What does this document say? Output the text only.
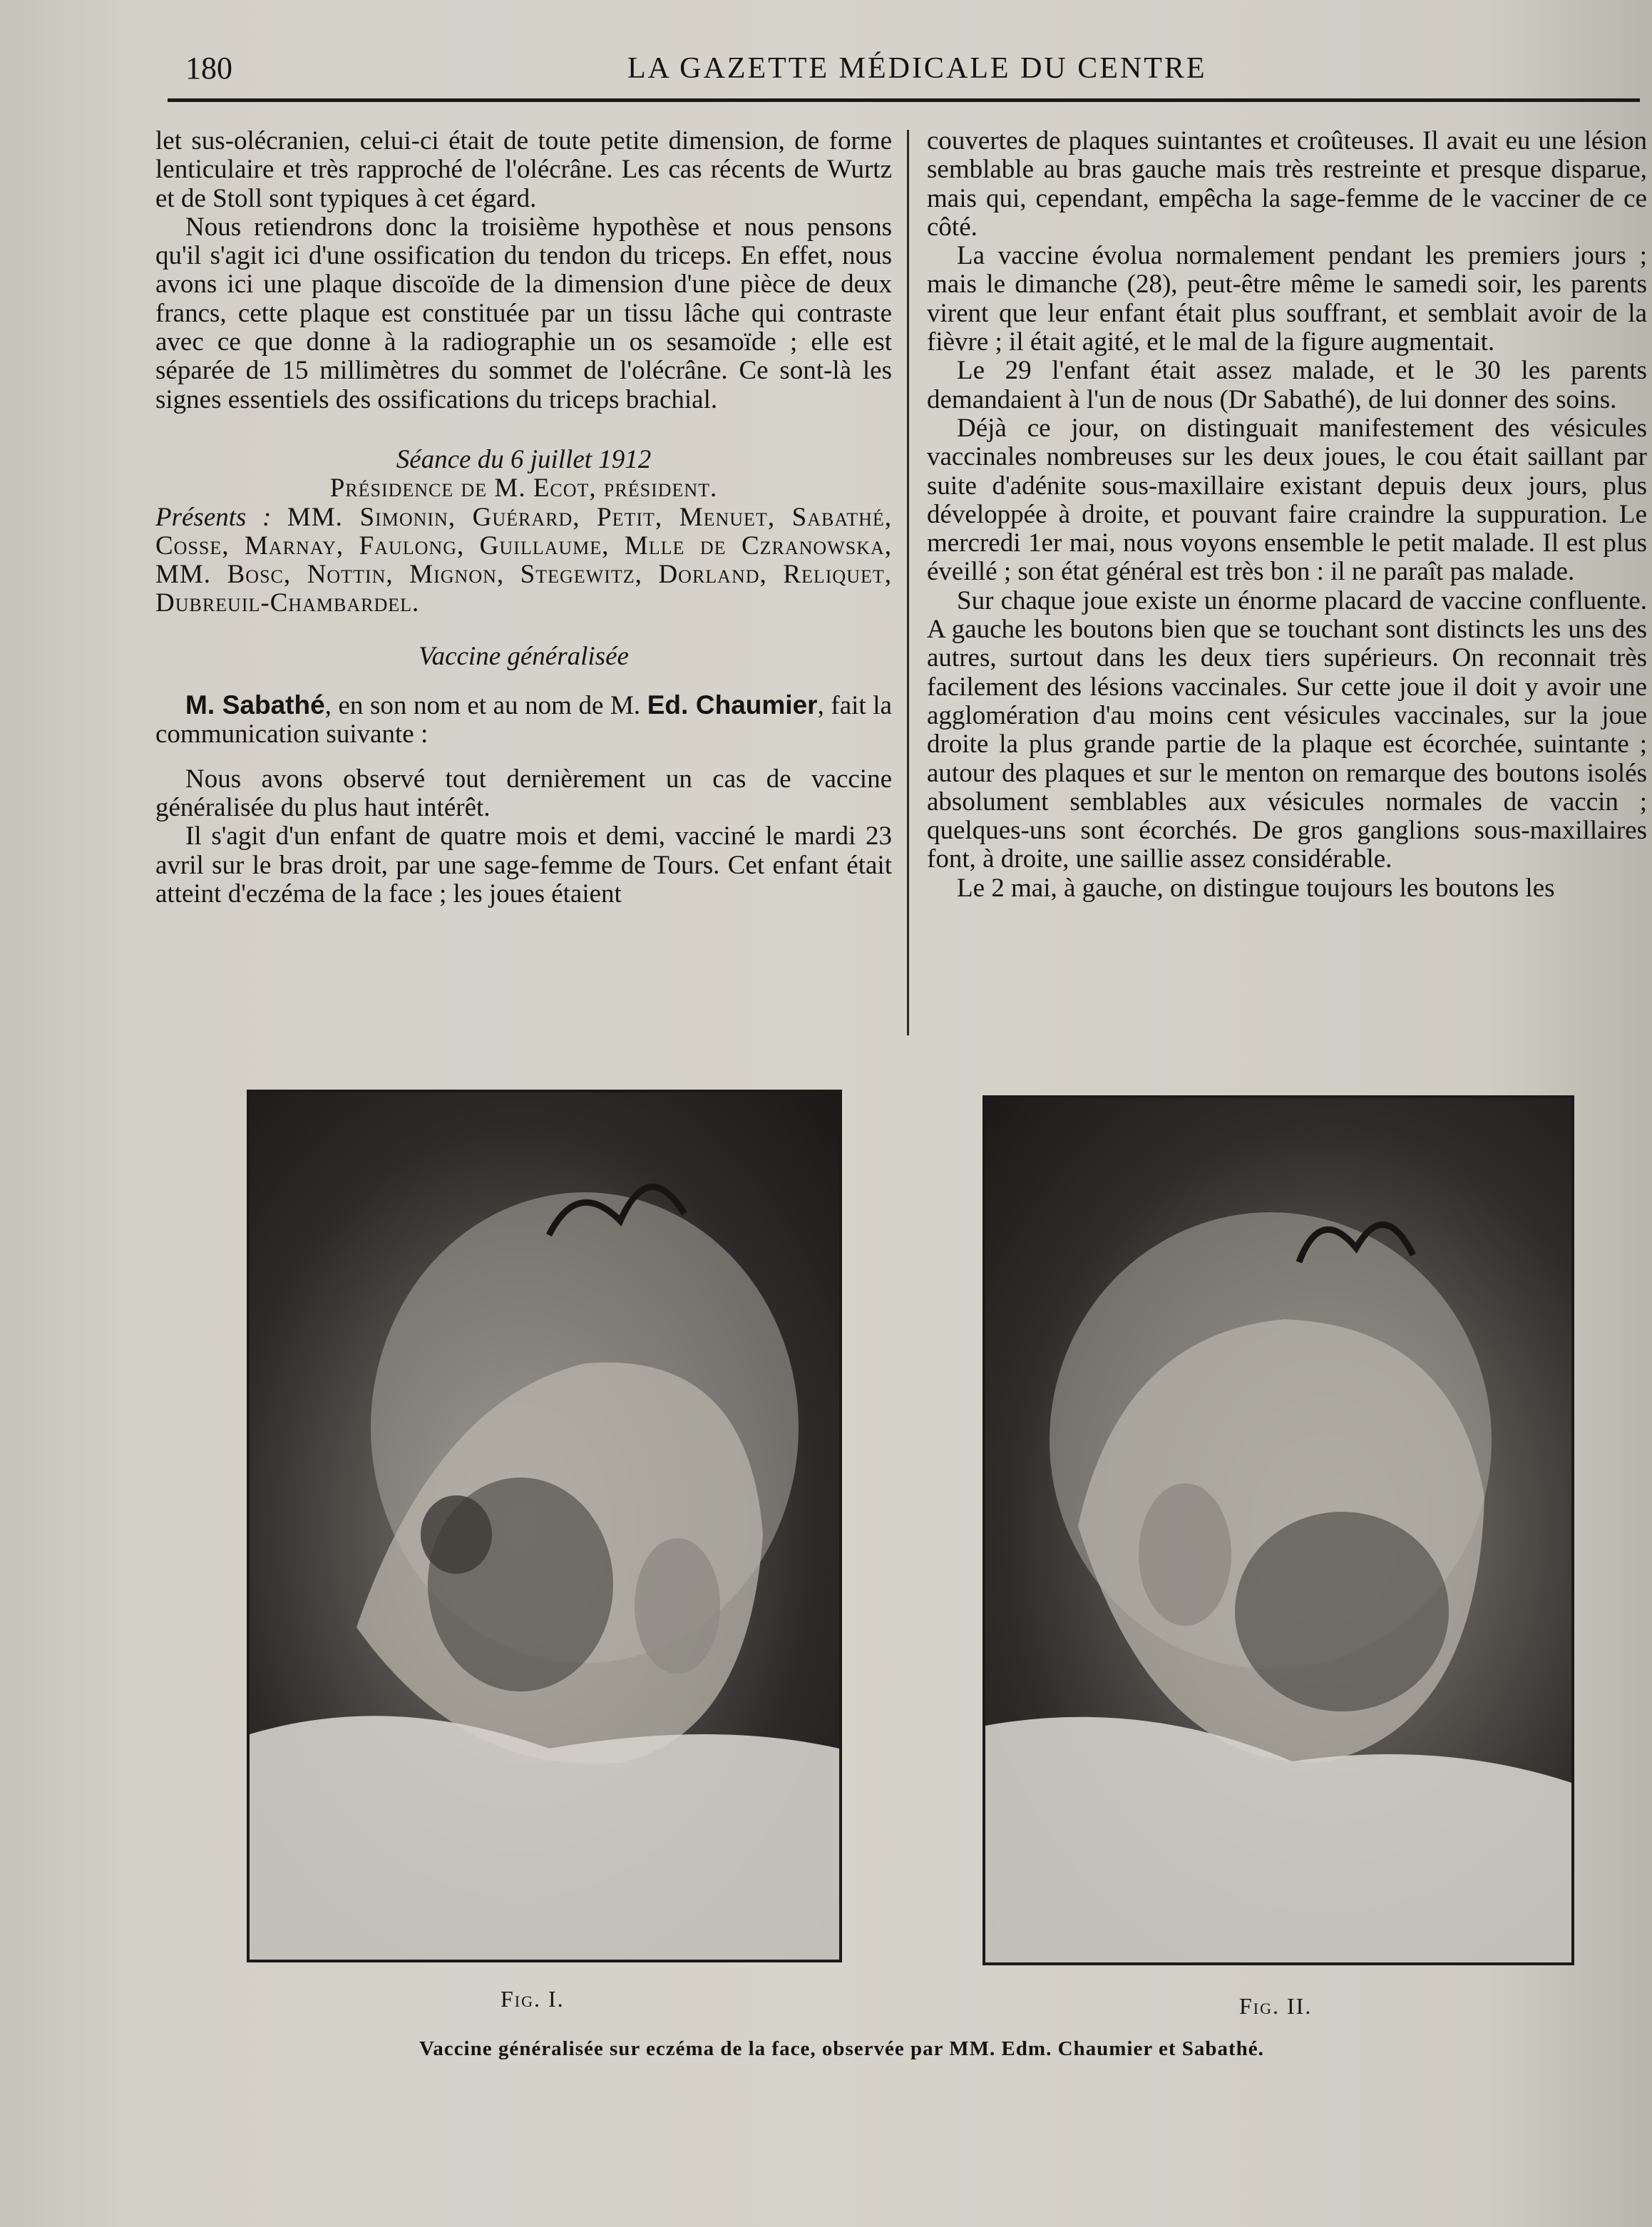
180	LA GAZETTE MÉDICALE DU CENTRE

let sus-olécranien, celui-ci était de toute petite dimension, de forme lenticulaire et très rapproché de l'olécrâne. Les cas récents de Wurtz et de Stoll sont typiques à cet égard.

Nous retiendrons donc la troisième hypothèse et nous pensons qu'il s'agit ici d'une ossification du tendon du triceps. En effet, nous avons ici une plaque discoïde de la dimension d'une pièce de deux francs, cette plaque est constituée par un tissu lâche qui contraste avec ce que donne à la radiographie un os sesamoïde ; elle est séparée de 15 millimètres du sommet de l'olécrâne. Ce sont-là les signes essentiels des ossifications du triceps brachial.

Séance du 6 juillet 1912

Présidence de M. Ecot, président.

Présents : MM. Simonin, Guérard, Petit, Menuet, Sabathé, Cosse, Marnay, Faulong, Guillaume, Mlle de Czranowska, MM. Bosc, Nottin, Mignon, Stegewitz, Dorland, Reliquet, Dubreuil-Chambardel.

Vaccine généralisée

M. Sabathé, en son nom et au nom de M. Ed. Chaumier, fait la communication suivante :

Nous avons observé tout dernièrement un cas de vaccine généralisée du plus haut intérêt.

Il s'agit d'un enfant de quatre mois et demi, vacciné le mardi 23 avril sur le bras droit, par une sage-femme de Tours. Cet enfant était atteint d'eczéma de la face ; les joues étaient

couvertes de plaques suintantes et croûteuses. Il avait eu une lésion semblable au bras gauche mais très restreinte et presque disparue, mais qui, cependant, empêcha la sage-femme de le vacciner de ce côté.

La vaccine évolua normalement pendant les premiers jours ; mais le dimanche (28), peut-être même le samedi soir, les parents virent que leur enfant était plus souffrant, et semblait avoir de la fièvre ; il était agité, et le mal de la figure augmentait.

Le 29 l'enfant était assez malade, et le 30 les parents demandaient à l'un de nous (Dr Sabathé), de lui donner des soins.

Déjà ce jour, on distinguait manifestement des vésicules vaccinales nombreuses sur les deux joues, le cou était saillant par suite d'adénite sous-maxillaire existant depuis deux jours, plus développée à droite, et pouvant faire craindre la suppuration. Le mercredi 1er mai, nous voyons ensemble le petit malade. Il est plus éveillé ; son état général est très bon : il ne paraît pas malade.

Sur chaque joue existe un énorme placard de vaccine confluente. A gauche les boutons bien que se touchant sont distincts les uns des autres, surtout dans les deux tiers supérieurs. On reconnait très facilement des lésions vaccinales. Sur cette joue il doit y avoir une agglomération d'au moins cent vésicules vaccinales, sur la joue droite la plus grande partie de la plaque est écorchée, suintante ; autour des plaques et sur le menton on remarque des boutons isolés absolument semblables aux vésicules normales de vaccin ; quelques-uns sont écorchés. De gros ganglions sous-maxillaires font, à droite, une saillie assez considérable.

Le 2 mai, à gauche, on distingue toujours les boutons les

Fig. I.	Fig. II.
Vaccine généralisée sur eczéma de la face, observée par MM. Edm. Chaumier et Sabathé.
